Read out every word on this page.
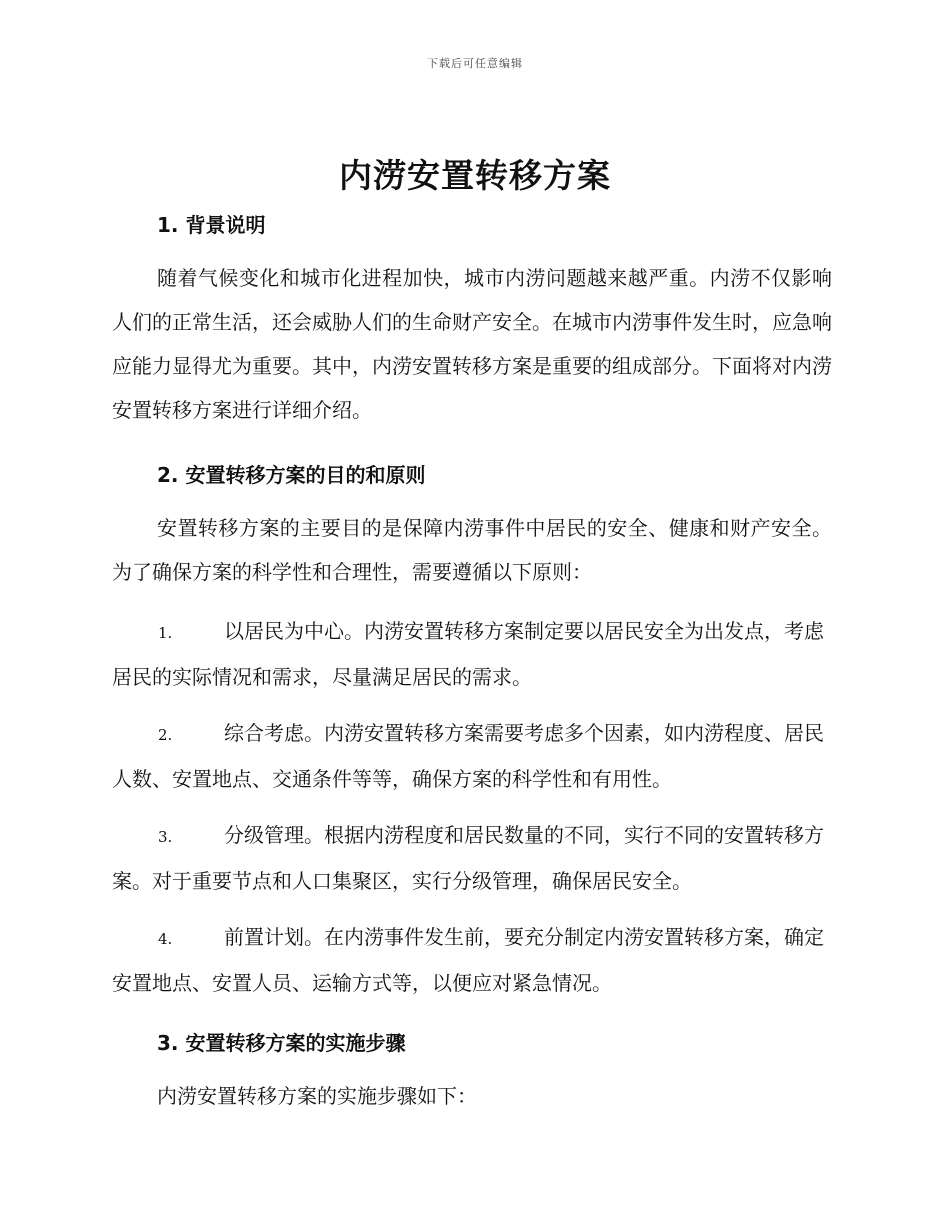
下载后可任意编辑
内涝安置转移方案
1. 背景说明

随着气候变化和城市化进程加快，城市内涝问题越来越严重。内涝不仅影响人们的正常生活，还会威胁人们的生命财产安全。在城市内涝事件发生时，应急响应能力显得尤为重要。其中，内涝安置转移方案是重要的组成部分。下面将对内涝安置转移方案进行详细介绍。

2. 安置转移方案的目的和原则

安置转移方案的主要目的是保障内涝事件中居民的安全、健康和财产安全。为了确保方案的科学性和合理性，需要遵循以下原则：

1.	以居民为中心。内涝安置转移方案制定要以居民安全为出发点，考虑居民的实际情况和需求，尽量满足居民的需求。
2.	综合考虑。内涝安置转移方案需要考虑多个因素，如内涝程度、居民人数、安置地点、交通条件等等，确保方案的科学性和有用性。
3.	分级管理。根据内涝程度和居民数量的不同，实行不同的安置转移方案。对于重要节点和人口集聚区，实行分级管理，确保居民安全。
4.	前置计划。在内涝事件发生前，要充分制定内涝安置转移方案，确定安置地点、安置人员、运输方式等，以便应对紧急情况。
3. 安置转移方案的实施步骤

内涝安置转移方案的实施步骤如下：
